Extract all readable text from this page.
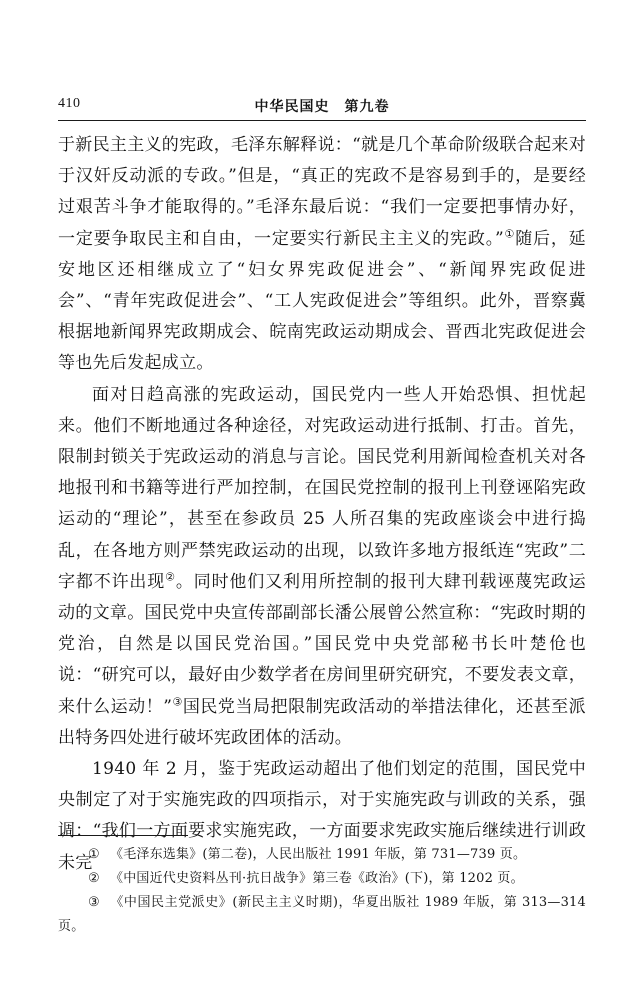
410	中华民国史　第九卷

于新民主主义的宪政，毛泽东解释说：“就是几个革命阶级联合起来对于汉奸反动派的专政。”但是，“真正的宪政不是容易到手的，是要经过艰苦斗争才能取得的。”毛泽东最后说：“我们一定要把事情办好，一定要争取民主和自由，一定要实行新民主主义的宪政。”①随后，延安地区还相继成立了“妇女界宪政促进会”、“新闻界宪政促进会”、“青年宪政促进会”、“工人宪政促进会”等组织。此外，晋察冀根据地新闻界宪政期成会、皖南宪政运动期成会、晋西北宪政促进会等也先后发起成立。

面对日趋高涨的宪政运动，国民党内一些人开始恐惧、担忧起来。他们不断地通过各种途径，对宪政运动进行抵制、打击。首先，限制封锁关于宪政运动的消息与言论。国民党利用新闻检查机关对各地报刊和书籍等进行严加控制，在国民党控制的报刊上刊登诬陷宪政运动的“理论”，甚至在参政员 25 人所召集的宪政座谈会中进行捣乱，在各地方则严禁宪政运动的出现，以致许多地方报纸连“宪政”二字都不许出现②。同时他们又利用所控制的报刊大肆刊载诬蔑宪政运动的文章。国民党中央宣传部副部长潘公展曾公然宣称：“宪政时期的党治，自然是以国民党治国。”国民党中央党部秘书长叶楚伧也说：“研究可以，最好由少数学者在房间里研究研究，不要发表文章，来什么运动！”③国民党当局把限制宪政活动的举措法律化，还甚至派出特务四处进行破坏宪政团体的活动。

1940 年 2 月，鉴于宪政运动超出了他们划定的范围，国民党中央制定了对于实施宪政的四项指示，对于实施宪政与训政的关系，强调：“我们一方面要求实施宪政，一方面要求宪政实施后继续进行训政未完

① 《毛泽东选集》(第二卷)，人民出版社 1991 年版，第 731—739 页。

② 《中国近代史资料丛刊·抗日战争》第三卷《政治》(下)，第 1202 页。

③ 《中国民主党派史》(新民主主义时期)，华夏出版社 1989 年版，第 313—314 页。
